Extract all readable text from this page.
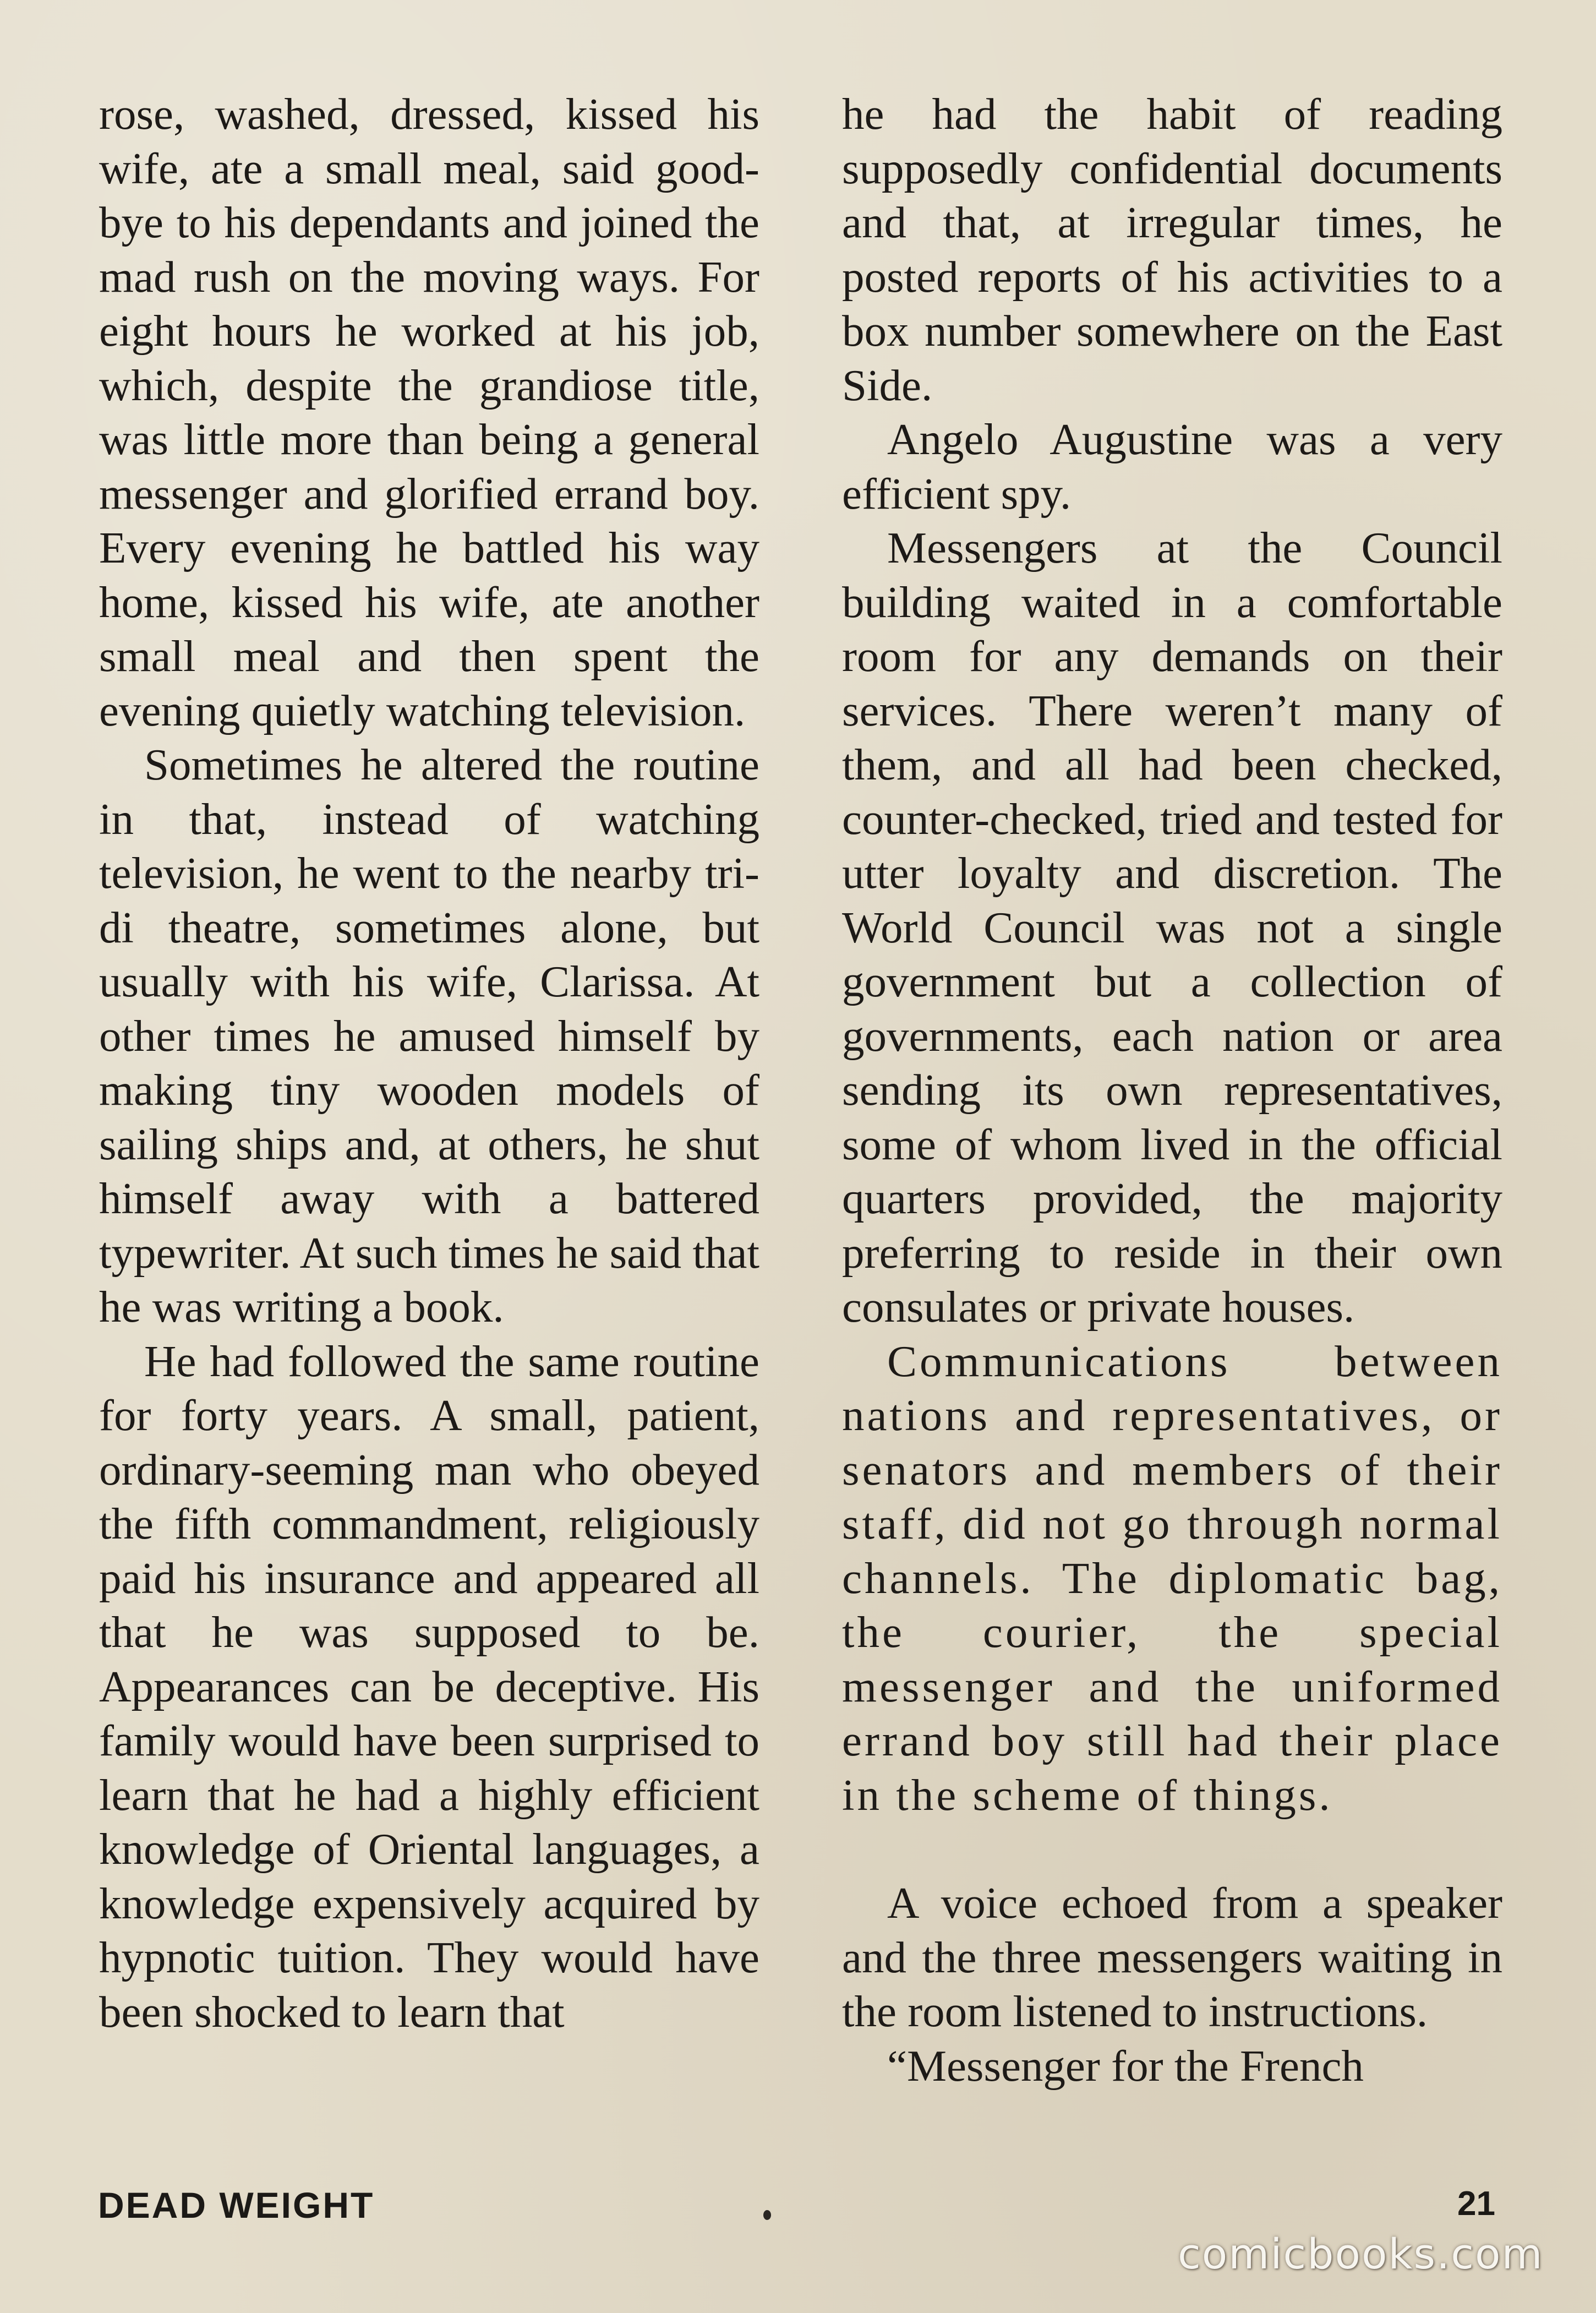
rose, washed, dressed, kissed his wife, ate a small meal, said good-bye to his dependants and joined the mad rush on the moving ways. For eight hours he worked at his job, which, despite the grandiose title, was little more than being a general messenger and glorified errand boy. Every evening he battled his way home, kissed his wife, ate another small meal and then spent the evening quietly watching television.

Sometimes he altered the routine in that, instead of watching television, he went to the nearby tri-di theatre, sometimes alone, but usually with his wife, Clarissa. At other times he amused himself by making tiny wooden models of sailing ships and, at others, he shut himself away with a battered typewriter. At such times he said that he was writing a book.

He had followed the same routine for forty years. A small, patient, ordinary-seeming man who obeyed the fifth commandment, religiously paid his insurance and appeared all that he was supposed to be. Appearances can be deceptive. His family would have been surprised to learn that he had a highly efficient knowledge of Oriental languages, a knowledge expensively acquired by hypnotic tuition. They would have been shocked to learn that

he had the habit of reading supposedly confidential documents and that, at irregular times, he posted reports of his activities to a box number somewhere on the East Side.

Angelo Augustine was a very efficient spy.

Messengers at the Council building waited in a comfortable room for any demands on their services. There weren’t many of them, and all had been checked, counter-checked, tried and tested for utter loyalty and discretion. The World Council was not a single government but a collection of governments, each nation or area sending its own representatives, some of whom lived in the official quarters provided, the majority preferring to reside in their own consulates or private houses.

Communications between nations and representatives, or senators and members of their staff, did not go through normal channels. The diplomatic bag, the courier, the special messenger and the uniformed errand boy still had their place in the scheme of things.

A voice echoed from a speaker and the three messengers waiting in the room listened to instructions.

“Messenger for the French

DEAD WEIGHT	21
comicbooks.com
